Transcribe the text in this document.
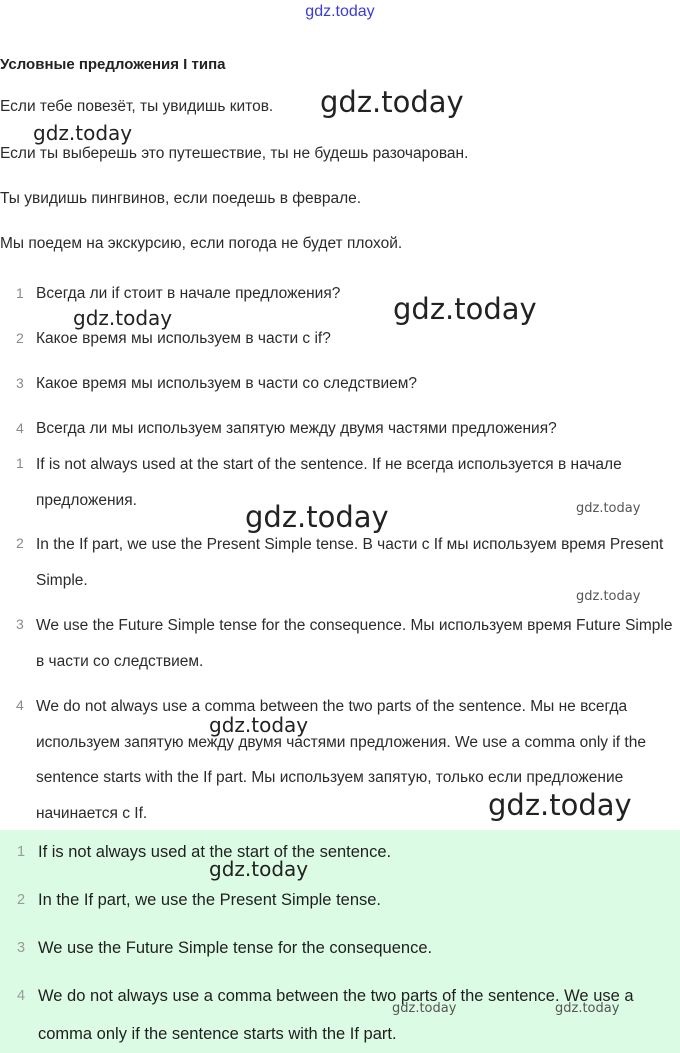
gdz.today
Условные предложения I типа
Если тебе повезёт, ты увидишь китов.
Если ты выберешь это путешествие, ты не будешь разочарован.
Ты увидишь пингвинов, если поедешь в феврале.
Мы поедем на экскурсию, если погода не будет плохой.
1 Всегда ли if стоит в начале предложения?
2 Какое время мы используем в части с if?
3 Какое время мы используем в части со следствием?
4 Всегда ли мы используем запятую между двумя частями предложения?
1 If is not always used at the start of the sentence. If не всегда используется в начале предложения.
2 In the If part, we use the Present Simple tense. В части с If мы используем время Present Simple.
3 We use the Future Simple tense for the consequence. Мы используем время Future Simple в части со следствием.
4 We do not always use a comma between the two parts of the sentence. Мы не всегда используем запятую между двумя частями предложения. We use a comma only if the sentence starts with the If part. Мы используем запятую, только если предложение начинается с If.
1 If is not always used at the start of the sentence.
2 In the If part, we use the Present Simple tense.
3 We use the Future Simple tense for the consequence.
4 We do not always use a comma between the two parts of the sentence. We use a comma only if the sentence starts with the If part.
gdz.today
gdz.today
gdz.today
gdz.today
gdz.today	gdz.today
gdz.today
gdz.today
gdz.today
gdz.today
gdz.today	gdz.today
